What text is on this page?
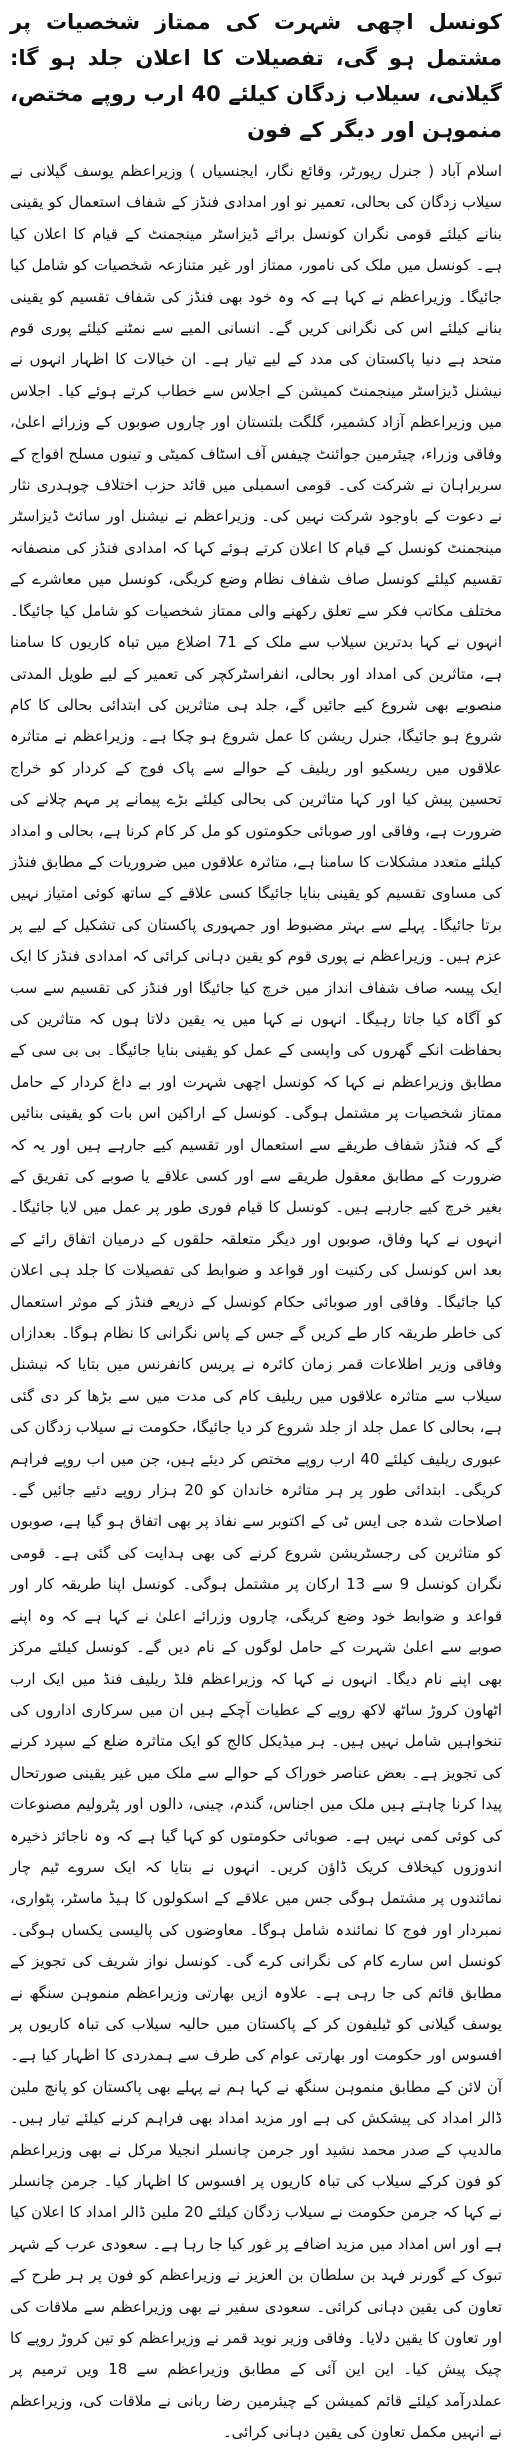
کونسل اچھی شہرت کی ممتاز شخصیات پر مشتمل ہو گی، تفصیلات کا اعلان جلد ہو گا: گیلانی، سیلاب زدگان کیلئے 40 ارب روپے مختص، منموہن اور دیگر کے فون

اسلام آباد ( جنرل رپورٹر، وقائع نگار، ایجنسیاں ) وزیراعظم یوسف گیلانی نے سیلاب زدگان کی بحالی، تعمیر نو اور امدادی فنڈز کے شفاف استعمال کو یقینی بنانے کیلئے قومی نگران کونسل برائے ڈیزاسٹر مینجمنٹ کے قیام کا اعلان کیا ہے۔ کونسل میں ملک کی نامور، ممتاز اور غیر متنازعہ شخصیات کو شامل کیا جائیگا۔ وزیراعظم نے کہا ہے کہ وہ خود بھی فنڈز کی شفاف تقسیم کو یقینی بنانے کیلئے اس کی نگرانی کریں گے۔ انسانی المیے سے نمٹنے کیلئے پوری قوم متحد ہے دنیا پاکستان کی مدد کے لیے تیار ہے۔ ان خیالات کا اظہار انہوں نے نیشنل ڈیزاسٹر مینجمنٹ کمیشن کے اجلاس سے خطاب کرتے ہوئے کیا۔ اجلاس میں وزیراعظم آزاد کشمیر، گلگت بلتستان اور چاروں صوبوں کے وزرائے اعلیٰ، وفاقی وزراء، چیئرمین جوائنٹ چیفس آف اسٹاف کمیٹی و تینوں مسلح افواج کے سربراہان نے شرکت کی۔ قومی اسمبلی میں قائد حزب اختلاف چوہدری نثار نے دعوت کے باوجود شرکت نہیں کی۔ وزیراعظم نے نیشنل اور سائٹ ڈیزاسٹر مینجمنٹ کونسل کے قیام کا اعلان کرتے ہوئے کہا کہ امدادی فنڈز کی منصفانہ تقسیم کیلئے کونسل صاف شفاف نظام وضع کریگی، کونسل میں معاشرے کے مختلف مکاتب فکر سے تعلق رکھنے والی ممتاز شخصیات کو شامل کیا جائیگا۔ انہوں نے کہا بدترین سیلاب سے ملک کے 71 اضلاع میں تباہ کاریوں کا سامنا ہے، متاثرین کی امداد اور بحالی، انفراسٹرکچر کی تعمیر کے لیے طویل المدتی منصوبے بھی شروع کیے جائیں گے، جلد ہی متاثرین کی ابتدائی بحالی کا کام شروع ہو جائیگا، جنرل ریشن کا عمل شروع ہو چکا ہے۔ وزیراعظم نے متاثرہ علاقوں میں ریسکیو اور ریلیف کے حوالے سے پاک فوج کے کردار کو خراج تحسین پیش کیا اور کہا متاثرین کی بحالی کیلئے بڑے پیمانے پر مہم چلانے کی ضرورت ہے، وفاقی اور صوبائی حکومتوں کو مل کر کام کرنا ہے، بحالی و امداد کیلئے متعدد مشکلات کا سامنا ہے، متاثرہ علاقوں میں ضروریات کے مطابق فنڈز کی مساوی تقسیم کو یقینی بنایا جائیگا کسی علاقے کے ساتھ کوئی امتیاز نہیں برتا جائیگا۔ پہلے سے بہتر مضبوط اور جمہوری پاکستان کی تشکیل کے لیے پر عزم ہیں۔ وزیراعظم نے پوری قوم کو یقین دہانی کرائی کہ امدادی فنڈز کا ایک ایک پیسہ صاف شفاف انداز میں خرچ کیا جائیگا اور فنڈز کی تقسیم سے سب کو آگاہ کیا جاتا رہیگا۔ انہوں نے کہا میں یہ یقین دلاتا ہوں کہ متاثرین کی بحفاظت انکے گھروں کی واپسی کے عمل کو یقینی بنایا جائیگا۔ بی بی سی کے مطابق وزیراعظم نے کہا کہ کونسل اچھی شہرت اور بے داغ کردار کے حامل ممتاز شخصیات پر مشتمل ہوگی۔ کونسل کے اراکین اس بات کو یقینی بنائیں گے کہ فنڈز شفاف طریقے سے استعمال اور تقسیم کیے جارہے ہیں اور یہ کہ ضرورت کے مطابق معقول طریقے سے اور کسی علاقے یا صوبے کی تفریق کے بغیر خرچ کیے جارہے ہیں۔ کونسل کا قیام فوری طور پر عمل میں لایا جائیگا۔ انہوں نے کہا وفاق، صوبوں اور دیگر متعلقہ حلقوں کے درمیان اتفاق رائے کے بعد اس کونسل کی رکنیت اور قواعد و ضوابط کی تفصیلات کا جلد ہی اعلان کیا جائیگا۔ وفاقی اور صوبائی حکام کونسل کے ذریعے فنڈز کے موثر استعمال کی خاطر طریقہ کار طے کریں گے جس کے پاس نگرانی کا نظام ہوگا۔ بعدازاں وفاقی وزیر اطلاعات قمر زمان کائرہ نے پریس کانفرنس میں بتایا کہ نیشنل سیلاب سے متاثرہ علاقوں میں ریلیف کام کی مدت میں سے بڑھا کر دی گئی ہے، بحالی کا عمل جلد از جلد شروع کر دیا جائیگا، حکومت نے سیلاب زدگان کی عبوری ریلیف کیلئے 40 ارب روپے مختص کر دیئے ہیں، جن میں اب روپے فراہم کریگی۔ ابتدائی طور پر ہر متاثرہ خاندان کو 20 ہزار روپے دئیے جائیں گے۔ اصلاحات شدہ جی ایس ٹی کے اکتوبر سے نفاذ پر بھی اتفاق ہو گیا ہے، صوبوں کو متاثرین کی رجسٹریشن شروع کرنے کی بھی ہدایت کی گئی ہے۔ قومی نگران کونسل 9 سے 13 ارکان پر مشتمل ہوگی۔ کونسل اپنا طریقہ کار اور قواعد و ضوابط خود وضع کریگی، چاروں وزرائے اعلیٰ نے کہا ہے کہ وہ اپنے صوبے سے اعلیٰ شہرت کے حامل لوگوں کے نام دیں گے۔ کونسل کیلئے مرکز بھی اپنے نام دیگا۔ انہوں نے کہا کہ وزیراعظم فلڈ ریلیف فنڈ میں ایک ارب اٹھاون کروڑ ساٹھ لاکھ روپے کے عطیات آچکے ہیں ان میں سرکاری اداروں کی تنخواہیں شامل نہیں ہیں۔ ہر میڈیکل کالج کو ایک متاثرہ ضلع کے سپرد کرنے کی تجویز ہے۔ بعض عناصر خوراک کے حوالے سے ملک میں غیر یقینی صورتحال پیدا کرنا چاہتے ہیں ملک میں اجناس، گندم، چینی، دالوں اور پٹرولیم مصنوعات کی کوئی کمی نہیں ہے۔ صوبائی حکومتوں کو کہا گیا ہے کہ وہ ناجائز ذخیرہ اندوزوں کیخلاف کریک ڈاؤن کریں۔ انہوں نے بتایا کہ ایک سروے ٹیم چار نمائندوں پر مشتمل ہوگی جس میں علاقے کے اسکولوں کا ہیڈ ماسٹر، پٹواری، نمبردار اور فوج کا نمائندہ شامل ہوگا۔ معاوضوں کی پالیسی یکساں ہوگی۔ کونسل اس سارے کام کی نگرانی کرے گی۔ کونسل نواز شریف کی تجویز کے مطابق قائم کی جا رہی ہے۔ علاوہ ازیں بھارتی وزیراعظم منموہن سنگھ نے یوسف گیلانی کو ٹیلیفون کر کے پاکستان میں حالیہ سیلاب کی تباہ کاریوں پر افسوس اور حکومت اور بھارتی عوام کی طرف سے ہمدردی کا اظہار کیا ہے۔ آن لائن کے مطابق منموہن سنگھ نے کہا ہم نے پہلے بھی پاکستان کو پانچ ملین ڈالر امداد کی پیشکش کی ہے اور مزید امداد بھی فراہم کرنے کیلئے تیار ہیں۔ مالدیپ کے صدر محمد نشید اور جرمن چانسلر انجیلا مرکل نے بھی وزیراعظم کو فون کرکے سیلاب کی تباہ کاریوں پر افسوس کا اظہار کیا۔ جرمن چانسلر نے کہا کہ جرمن حکومت نے سیلاب زدگان کیلئے 20 ملین ڈالر امداد کا اعلان کیا ہے اور اس امداد میں مزید اضافے پر غور کیا جا رہا ہے۔ سعودی عرب کے شہر تبوک کے گورنر فہد بن سلطان بن العزیز نے وزیراعظم کو فون پر ہر طرح کے تعاون کی یقین دہانی کرائی۔ سعودی سفیر نے بھی وزیراعظم سے ملاقات کی اور تعاون کا یقین دلایا۔ وفاقی وزیر نوید قمر نے وزیراعظم کو تین کروڑ روپے کا چیک پیش کیا۔ این این آئی کے مطابق وزیراعظم سے 18 ویں ترمیم پر عملدرآمد کیلئے قائم کمیشن کے چیئرمین رضا ربانی نے ملاقات کی، وزیراعظم نے انہیں مکمل تعاون کی یقین دہانی کرائی۔
